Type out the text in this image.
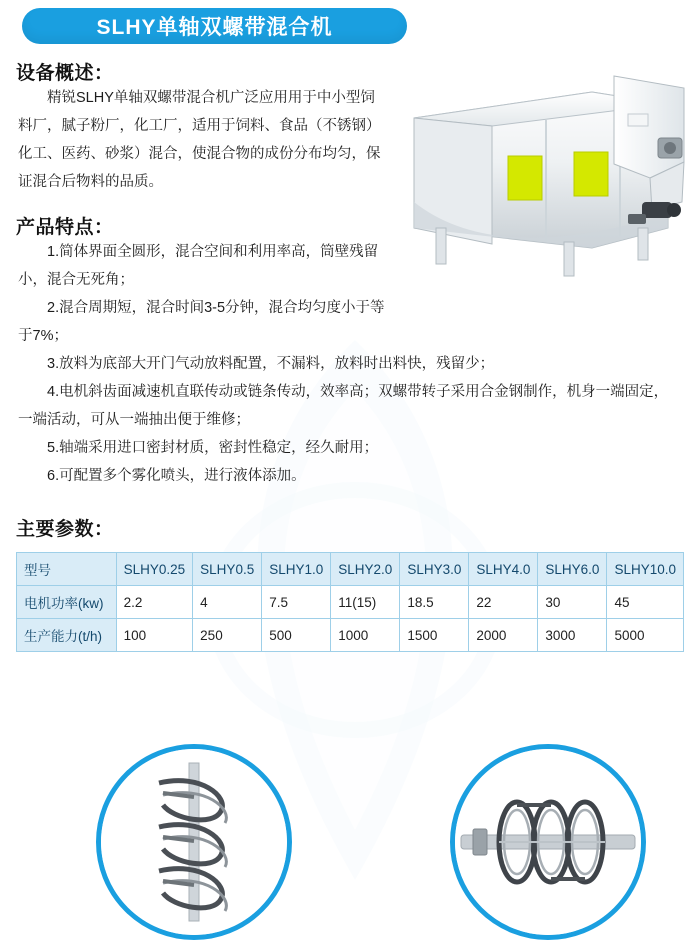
SLHY单轴双螺带混合机
设备概述：
精锐SLHY单轴双螺带混合机广泛应用用于中小型饲料厂，腻子粉厂，化工厂，适用于饲料、食品（不锈钢）化工、医药、砂浆）混合，使混合物的成份分布均匀，保证混合后物料的品质。
产品特点：
1.简体界面全圆形，混合空间和利用率高，筒壁残留小，混合无死角；
2.混合周期短，混合时间3-5分钟，混合均匀度小于等于7%；
3.放料为底部大开门气动放料配置，不漏料，放料时出料快，残留少；
4.电机斜齿面减速机直联传动或链条传动，效率高；双螺带转子采用合金钢制作，机身一端固定，一端活动，可从一端抽出便于维修；
5.轴端采用进口密封材质，密封性稳定，经久耐用；
6.可配置多个雾化喷头，进行液体添加。
主要参数：
型号	SLHY0.25	SLHY0.5	SLHY1.0	SLHY2.0	SLHY3.0	SLHY4.0	SLHY6.0	SLHY10.0
电机功率(kw)	2.2	4	7.5	11(15)	18.5	22	30	45
生产能力(t/h)	100	250	500	1000	1500	2000	3000	5000
